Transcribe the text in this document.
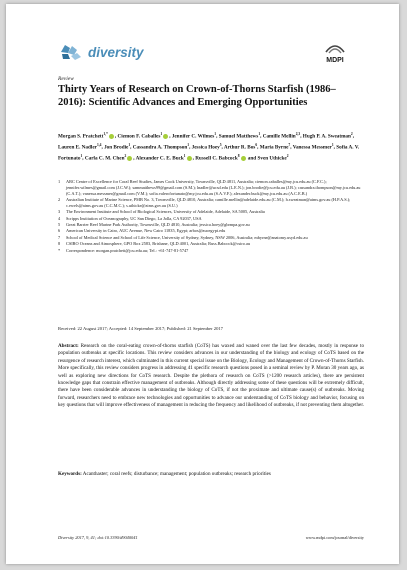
diversity
MDPI
Review
Thirty Years of Research on Crown-of-Thorns Starfish (1986–2016): Scientific Advances and Emerging Opportunities
Morgan S. Pratchett$^{1,*}$ , Ciemon F. Caballes$^1$ , Jennifer C. Wilmes$^1$, Samuel Matthews$^1$, Camille Mellin$^{2,3}$, Hugh P. A. Sweatman$^2$, Lauren E. Nadler$^{1,4}$, Jon Brodie$^1$, Cassandra A. Thompson$^1$, Jessica Hoey$^5$, Arthur R. Bos$^6$, Maria Byrne$^7$, Vanessa Messmer$^1$, Sofia A. V. Fortunato$^1$, Carla C. M. Chen$^2$ , Alexander C. E. Buck$^1$ , Russell C. Babcock$^8$ and Sven Uthicke$^2$
1	ARC Centre of Excellence for Coral Reef Studies, James Cook University, Townsville, QLD 4811, Australia; ciemon.caballes@my.jcu.edu.au (C.F.C.); jennifer.wilmes@gmail.com (J.C.W.); sammatthews99@gmail.com (S.M.); lnadler@ucsd.edu (L.E.N.); jon.brodie@jcu.edu.au (J.B.); cassandra.thompson@my.jcu.edu.au (C.A.T.); vanessa.messmer@gmail.com (V.M.); sofia.valerofortunato@my.jcu.edu.au (S.A.V.F.); alexander.buck@my.jcu.edu.au (A.C.E.B.)
2	Australian Institute of Marine Science, PMB No. 3, Townsville, QLD 4810, Australia; camille.mellin@adelaide.edu.au (C.M.); h.sweatman@aims.gov.au (H.P.A.S.); c.ewels@aims.gov.au (C.C.M.C.); s.uthicke@aims.gov.au (S.U.)
3	The Environment Institute and School of Biological Sciences, University of Adelaide, Adelaide, SA 5005, Australia
4	Scripps Institution of Oceanography, UC San Diego, La Jolla, CA 92037, USA
5	Great Barrier Reef Marine Park Authority, Townsville, QLD 4810, Australia; jessica.hoey@gbrmpa.gov.au
6	American University in Cairo, AUC Avenue, New Cairo 11835, Egypt; arbos@aucegypt.edu
7	School of Medical Science and School of Life Science, University of Sydney, Sydney, NSW 2006, Australia; mbyrne@anatomy.usyd.edu.au
8	CSIRO Oceans and Atmosphere, GPO Box 2583, Brisbane, QLD 4001, Australia; Russ.Babcock@csiro.au
*	Correspondence: morgan.pratchett@jcu.edu.au; Tel.: +61-747-81-5747
Received: 22 August 2017; Accepted: 14 September 2017; Published: 21 September 2017
Abstract: Research on the coral-eating crown-of-thorns starfish (CoTS) has waxed and waned over the last few decades, mostly in response to population outbreaks at specific locations. This review considers advances in our understanding of the biology and ecology of CoTS based on the resurgence of research interest, which culminated in this current special issue on the Biology, Ecology and Management of Crown-of-Thorns Starfish. More specifically, this review considers progress in addressing 41 specific research questions posed in a seminal review by P. Moran 30 years ago, as well as exploring new directions for CoTS research. Despite the plethora of research on CoTS (>1200 research articles), there are persistent knowledge gaps that constrain effective management of outbreaks. Although directly addressing some of these questions will be extremely difficult, there have been considerable advances in understanding the biology of CoTS, if not the proximate and ultimate cause(s) of outbreaks. Moving forward, researchers need to embrace new technologies and opportunities to advance our understanding of CoTS biology and behavior, focusing on key questions that will improve effectiveness of management in reducing the frequency and likelihood of outbreaks, if not preventing them altogether.
Keywords: Acanthaster; coral reefs; disturbance; management; population outbreaks; research priorities
Diversity 2017, 9, 41; doi:10.3390/d9040041	www.mdpi.com/journal/diversity
